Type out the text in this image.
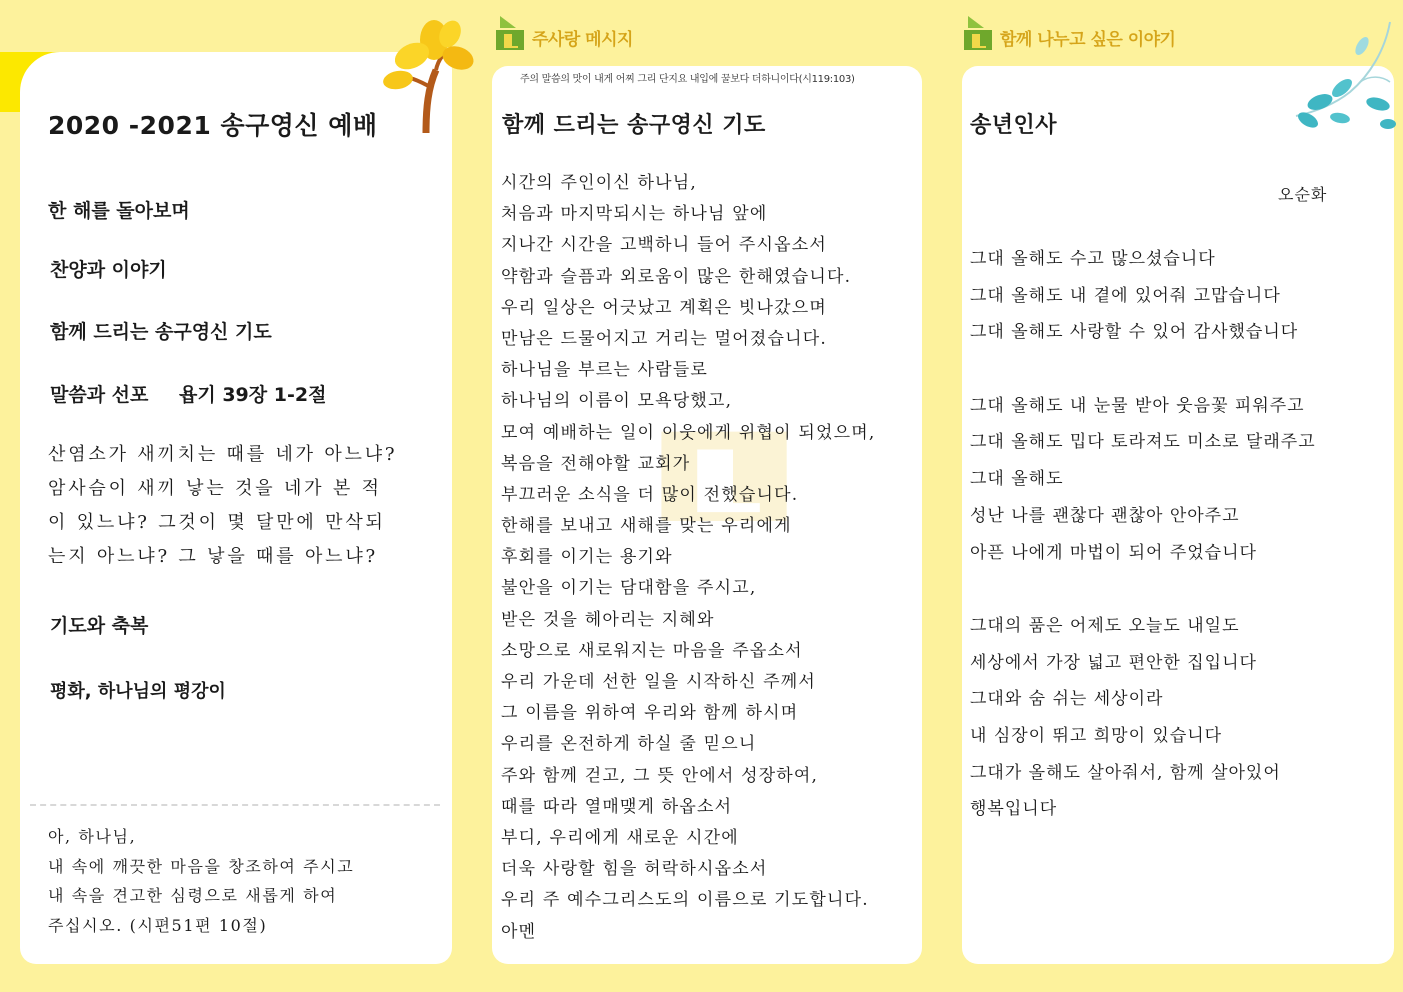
2020 -2021 송구영신 예배
한 해를 돌아보며
찬양과 이야기
함께 드리는 송구영신 기도
말씀과 선포 욥기 39장 1-2절
산염소가 새끼치는 때를 네가 아느냐?
암사슴이 새끼 낳는 것을 네가 본 적
이 있느냐? 그것이 몇 달만에 만삭되
는지 아느냐? 그 낳을 때를 아느냐?
기도와 축복
평화, 하나님의 평강이
아, 하나님,
내 속에 깨끗한 마음을 창조하여 주시고
내 속을 견고한 심령으로 새롭게 하여
주십시오. (시편51편 10절)
주사랑 메시지
주의 말씀의 맛이 내게 어찌 그리 단지요 내입에 꿀보다 더하니이다(시119:103)
함께 드리는 송구영신 기도
시간의 주인이신 하나님,
처음과 마지막되시는 하나님 앞에
지나간 시간을 고백하니 들어 주시옵소서
약함과 슬픔과 외로움이 많은 한해였습니다.
우리 일상은 어긋났고 계획은 빗나갔으며
만남은 드물어지고 거리는 멀어졌습니다.
하나님을 부르는 사람들로
하나님의 이름이 모욕당했고,
모여 예배하는 일이 이웃에게 위협이 되었으며,
복음을 전해야할 교회가
부끄러운 소식을 더 많이 전했습니다.
한해를 보내고 새해를 맞는 우리에게
후회를 이기는 용기와
불안을 이기는 담대함을 주시고,
받은 것을 헤아리는 지혜와
소망으로 새로워지는 마음을 주옵소서
우리 가운데 선한 일을 시작하신 주께서
그 이름을 위하여 우리와 함께 하시며
우리를 온전하게 하실 줄 믿으니
주와 함께 걷고, 그 뜻 안에서 성장하여,
때를 따라 열매맺게 하옵소서
부디, 우리에게 새로운 시간에
더욱 사랑할 힘을 허락하시옵소서
우리 주 예수그리스도의 이름으로 기도합니다.
아멘
함께 나누고 싶은 이야기
송년인사
오순화
그대 올해도 수고 많으셨습니다
그대 올해도 내 곁에 있어줘 고맙습니다
그대 올해도 사랑할 수 있어 감사했습니다
그대 올해도 내 눈물 받아 웃음꽃 피워주고
그대 올해도 밉다 토라져도 미소로 달래주고
그대 올해도
성난 나를 괜찮다 괜찮아 안아주고
아픈 나에게 마법이 되어 주었습니다
그대의 품은 어제도 오늘도 내일도
세상에서 가장 넓고 편안한 집입니다
그대와 숨 쉬는 세상이라
내 심장이 뛰고 희망이 있습니다
그대가 올해도 살아줘서, 함께 살아있어
행복입니다
